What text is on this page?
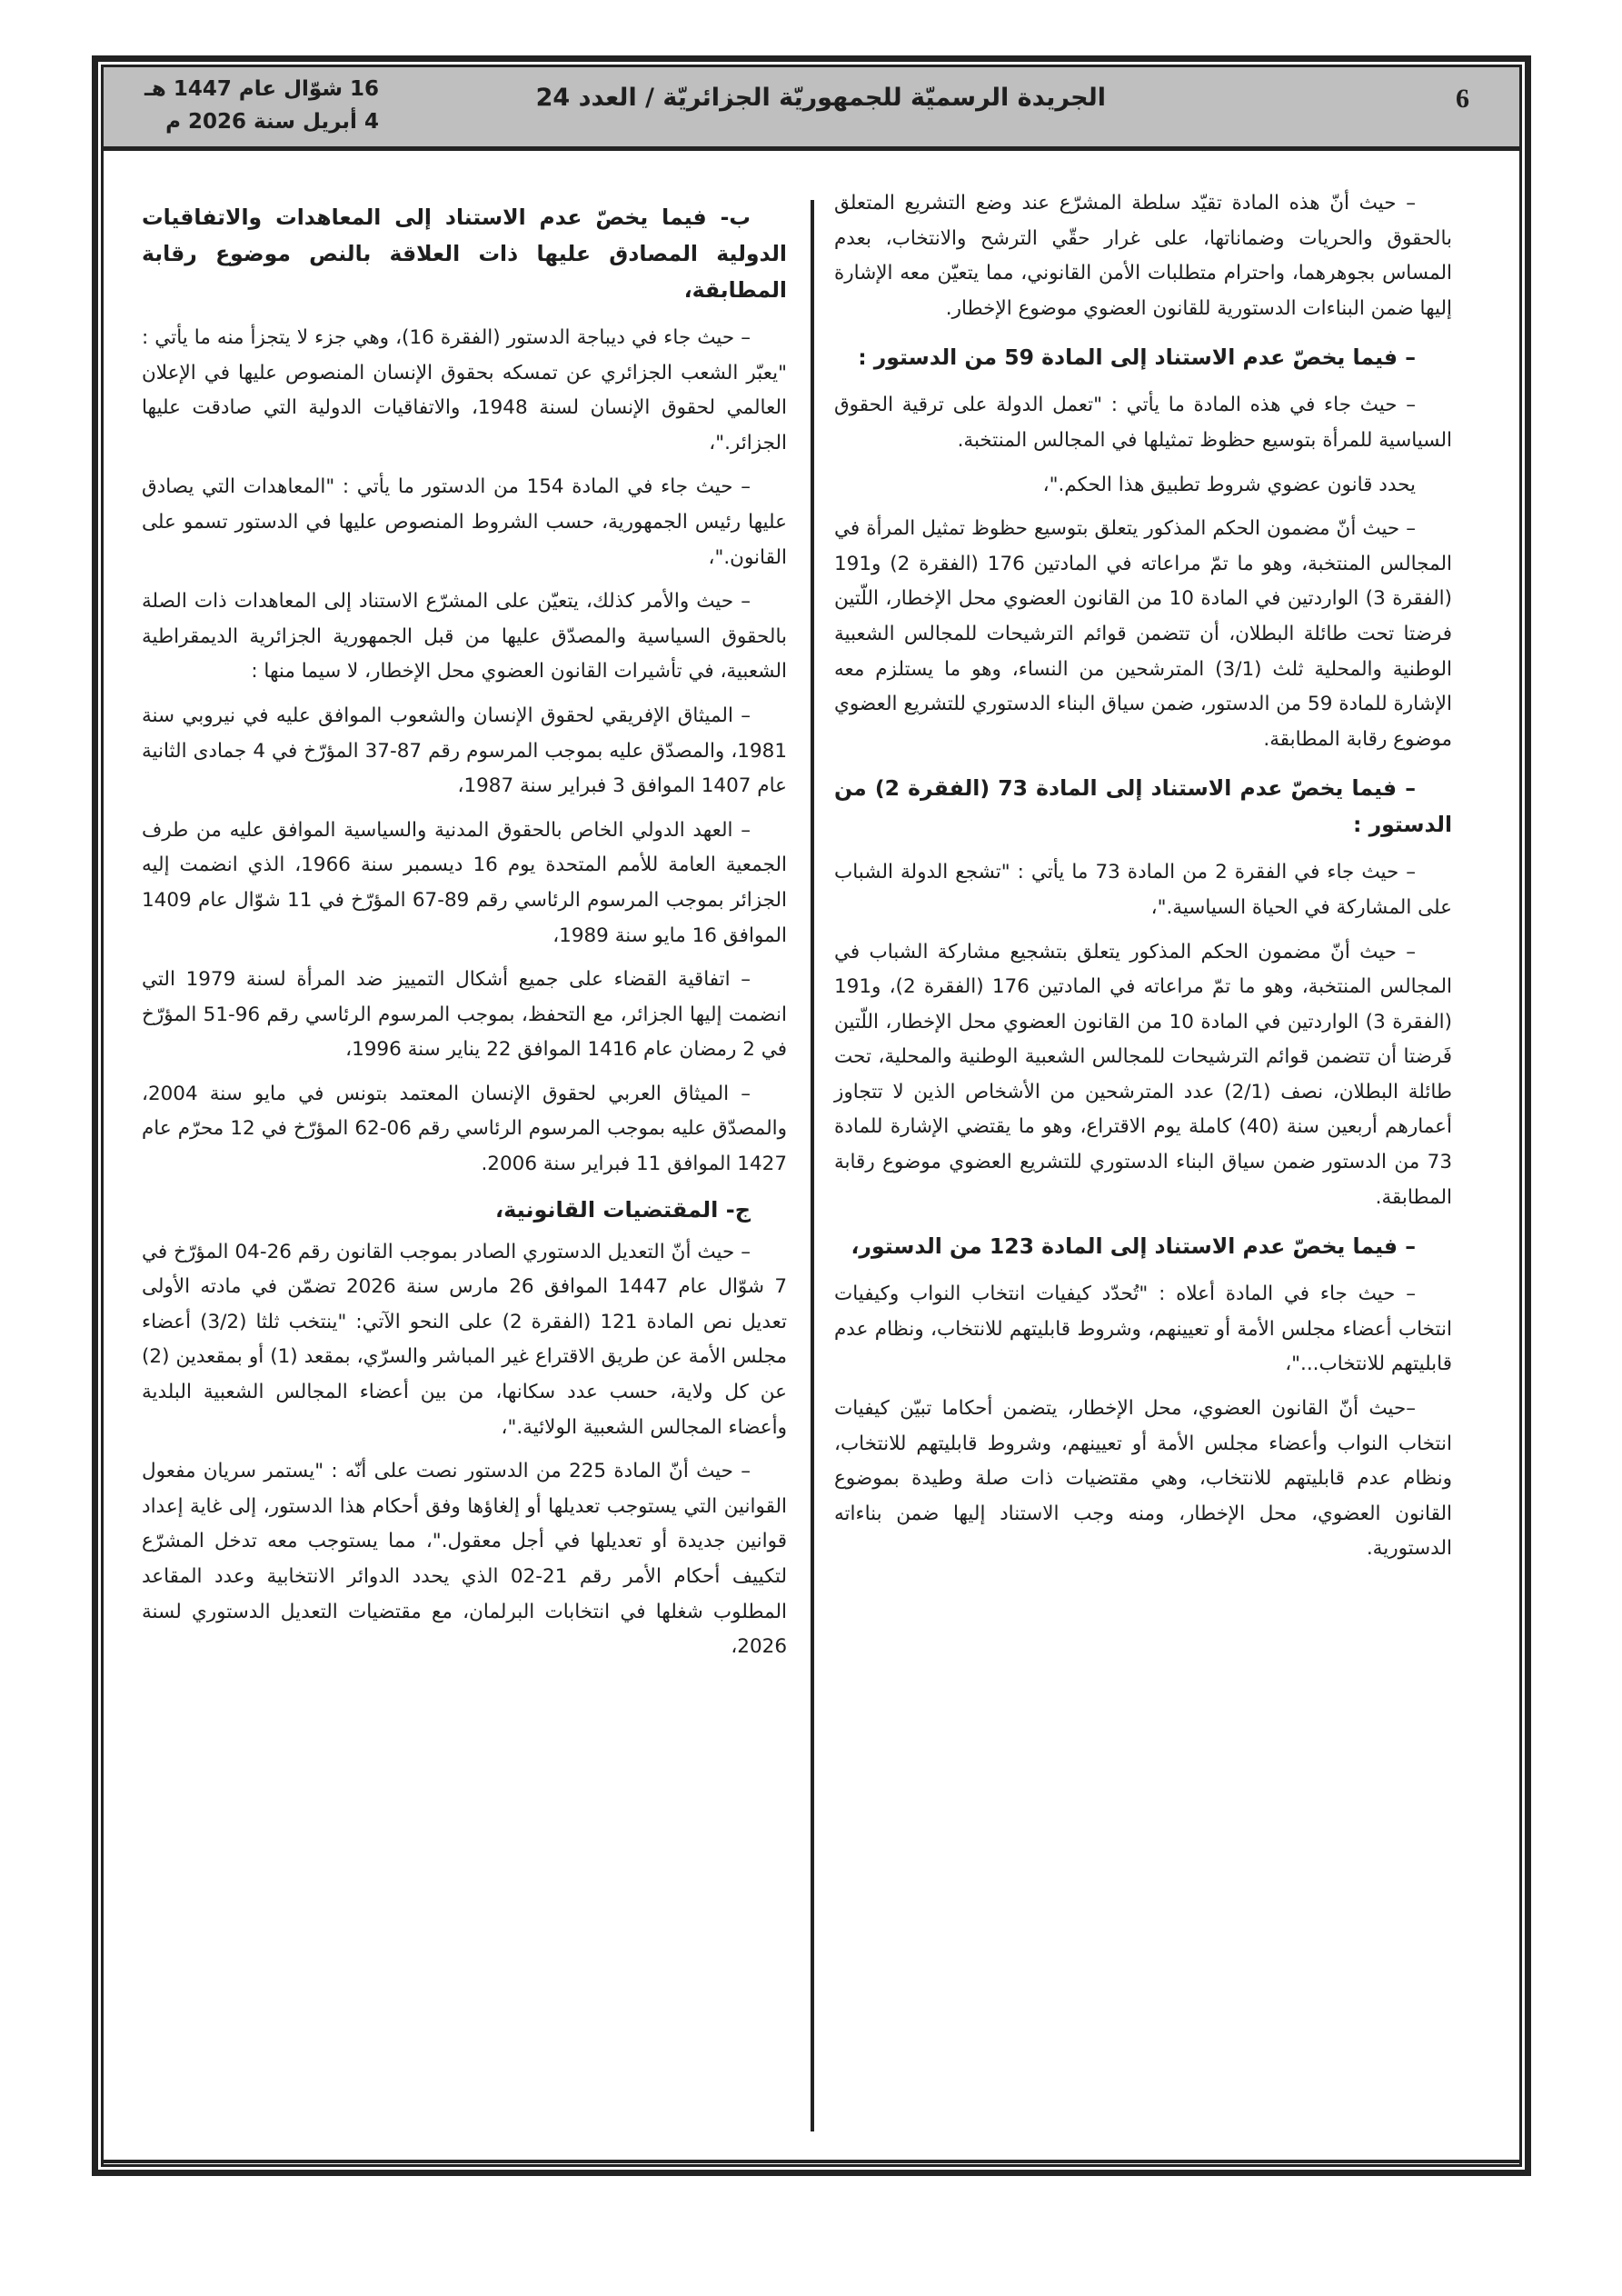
6
الجريدة الرسميّة للجمهوريّة الجزائريّة / العدد 24
16 شوّال عام 1447 هـ
4 أبريل سنة 2026 م

– حيث أنّ هذه المادة تقيّد سلطة المشرّع عند وضع التشريع المتعلق بالحقوق والحريات وضماناتها، على غرار حقّي الترشح والانتخاب، بعدم المساس بجوهرهما، واحترام متطلبات الأمن القانوني، مما يتعيّن معه الإشارة إليها ضمن البناءات الدستورية للقانون العضوي موضوع الإخطار.

– فيما يخصّ عدم الاستناد إلى المادة 59 من الدستور :

– حيث جاء في هذه المادة ما يأتي : "تعمل الدولة على ترقية الحقوق السياسية للمرأة بتوسيع حظوظ تمثيلها في المجالس المنتخبة.

يحدد قانون عضوي شروط تطبيق هذا الحكم."،

– حيث أنّ مضمون الحكم المذكور يتعلق بتوسيع حظوظ تمثيل المرأة في المجالس المنتخبة، وهو ما تمّ مراعاته في المادتين 176 (الفقرة 2) و191 (الفقرة 3) الواردتين في المادة 10 من القانون العضوي محل الإخطار، اللّتين فرضتا تحت طائلة البطلان، أن تتضمن قوائم الترشيحات للمجالس الشعبية الوطنية والمحلية ثلث (3/1) المترشحين من النساء، وهو ما يستلزم معه الإشارة للمادة 59 من الدستور، ضمن سياق البناء الدستوري للتشريع العضوي موضوع رقابة المطابقة.

– فيما يخصّ عدم الاستناد إلى المادة 73 (الفقرة 2) من الدستور :

– حيث جاء في الفقرة 2 من المادة 73 ما يأتي : "تشجع الدولة الشباب على المشاركة في الحياة السياسية."،

– حيث أنّ مضمون الحكم المذكور يتعلق بتشجيع مشاركة الشباب في المجالس المنتخبة، وهو ما تمّ مراعاته في المادتين 176 (الفقرة 2)، و191 (الفقرة 3) الواردتين في المادة 10 من القانون العضوي محل الإخطار، اللّتين فَرضتا أن تتضمن قوائم الترشيحات للمجالس الشعبية الوطنية والمحلية، تحت طائلة البطلان، نصف (2/1) عدد المترشحين من الأشخاص الذين لا تتجاوز أعمارهم أربعين سنة (40) كاملة يوم الاقتراع، وهو ما يقتضي الإشارة للمادة 73 من الدستور ضمن سياق البناء الدستوري للتشريع العضوي موضوع رقابة المطابقة.

– فيما يخصّ عدم الاستناد إلى المادة 123 من الدستور،

– حيث جاء في المادة أعلاه : "تُحدّد كيفيات انتخاب النواب وكيفيات انتخاب أعضاء مجلس الأمة أو تعيينهم، وشروط قابليتهم للانتخاب، ونظام عدم قابليتهم للانتخاب..."،

–حيث أنّ القانون العضوي، محل الإخطار، يتضمن أحكاما تبيّن كيفيات انتخاب النواب وأعضاء مجلس الأمة أو تعيينهم، وشروط قابليتهم للانتخاب، ونظام عدم قابليتهم للانتخاب، وهي مقتضيات ذات صلة وطيدة بموضوع القانون العضوي، محل الإخطار، ومنه وجب الاستناد إليها ضمن بناءاته الدستورية.

ب- فيما يخصّ عدم الاستناد إلى المعاهدات والاتفاقيات الدولية المصادق عليها ذات العلاقة بالنص موضوع رقابة المطابقة،

– حيث جاء في ديباجة الدستور (الفقرة 16)، وهي جزء لا يتجزأ منه ما يأتي : "يعبّر الشعب الجزائري عن تمسكه بحقوق الإنسان المنصوص عليها في الإعلان العالمي لحقوق الإنسان لسنة 1948، والاتفاقيات الدولية التي صادقت عليها الجزائر."،

– حيث جاء في المادة 154 من الدستور ما يأتي : "المعاهدات التي يصادق عليها رئيس الجمهورية، حسب الشروط المنصوص عليها في الدستور تسمو على القانون."،

– حيث والأمر كذلك، يتعيّن على المشرّع الاستناد إلى المعاهدات ذات الصلة بالحقوق السياسية والمصدّق عليها من قبل الجمهورية الجزائرية الديمقراطية الشعبية، في تأشيرات القانون العضوي محل الإخطار، لا سيما منها :

– الميثاق الإفريقي لحقوق الإنسان والشعوب الموافق عليه في نيروبي سنة 1981، والمصدّق عليه بموجب المرسوم رقم 87-37 المؤرّخ في 4 جمادى الثانية عام 1407 الموافق 3 فبراير سنة 1987،

– العهد الدولي الخاص بالحقوق المدنية والسياسية الموافق عليه من طرف الجمعية العامة للأمم المتحدة يوم 16 ديسمبر سنة 1966، الذي انضمت إليه الجزائر بموجب المرسوم الرئاسي رقم 89-67 المؤرّخ في 11 شوّال عام 1409 الموافق 16 مايو سنة 1989،

– اتفاقية القضاء على جميع أشكال التمييز ضد المرأة لسنة 1979 التي انضمت إليها الجزائر، مع التحفظ، بموجب المرسوم الرئاسي رقم 96-51 المؤرّخ في 2 رمضان عام 1416 الموافق 22 يناير سنة 1996،

– الميثاق العربي لحقوق الإنسان المعتمد بتونس في مايو سنة 2004، والمصدّق عليه بموجب المرسوم الرئاسي رقم 06-62 المؤرّخ في 12 محرّم عام 1427 الموافق 11 فبراير سنة 2006.

ج- المقتضيات القانونية،

– حيث أنّ التعديل الدستوري الصادر بموجب القانون رقم 26-04 المؤرّخ في 7 شوّال عام 1447 الموافق 26 مارس سنة 2026 تضمّن في مادته الأولى تعديل نص المادة 121 (الفقرة 2) على النحو الآتي: "ينتخب ثلثا (3/2) أعضاء مجلس الأمة عن طريق الاقتراع غير المباشر والسرّي، بمقعد (1) أو بمقعدين (2) عن كل ولاية، حسب عدد سكانها، من بين أعضاء المجالس الشعبية البلدية وأعضاء المجالس الشعبية الولائية."،

– حيث أنّ المادة 225 من الدستور نصت على أنّه : "يستمر سريان مفعول القوانين التي يستوجب تعديلها أو إلغاؤها وفق أحكام هذا الدستور، إلى غاية إعداد قوانين جديدة أو تعديلها في أجل معقول."، مما يستوجب معه تدخل المشرّع لتكييف أحكام الأمر رقم 21-02 الذي يحدد الدوائر الانتخابية وعدد المقاعد المطلوب شغلها في انتخابات البرلمان، مع مقتضيات التعديل الدستوري لسنة 2026،
